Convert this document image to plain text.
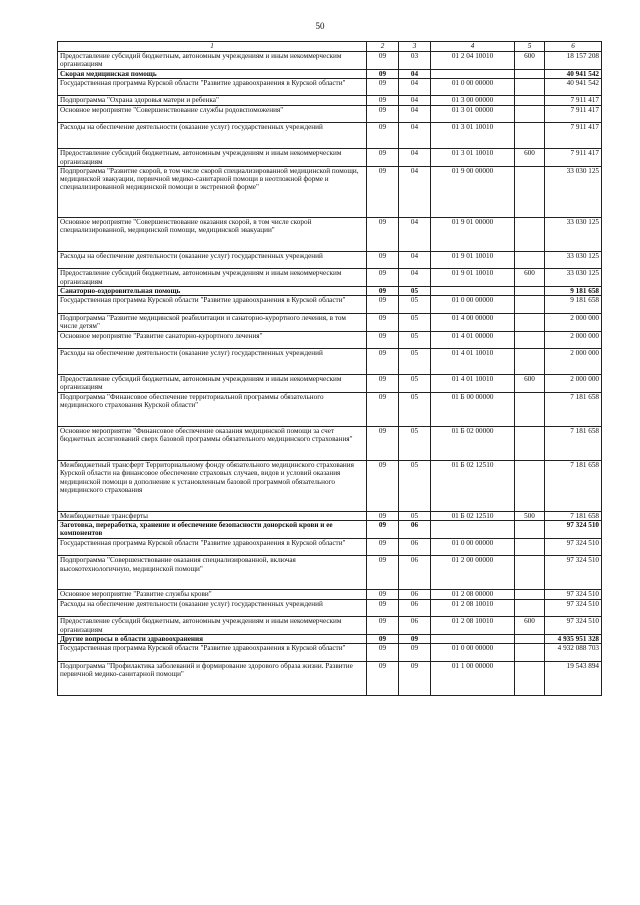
50
1	2	3	4	5	6
Предоставление субсидий бюджетным, автономным учреждениям и иным некоммерческим организациям	09	03	01 2 04 10010	600	18 157 208
Скорая медицинская помощь	09	04			40 941 542
Государственная программа Курской области "Развитие здравоохранения в Курской области"	09	04	01 0 00 00000		40 941 542
Подпрограмма "Охрана здоровья матери и ребенка"	09	04	01 3 00 00000		7 911 417
Основное мероприятие "Совершенствование службы родовспоможения"	09	04	01 3 01 00000		7 911 417
Расходы на обеспечение деятельности (оказание услуг) государственных учреждений	09	04	01 3 01 10010		7 911 417
Предоставление субсидий бюджетным, автономным учреждениям и иным некоммерческим организациям	09	04	01 3 01 10010	600	7 911 417
Подпрограмма "Развитие скорой, в том числе скорой специализированной медицинской помощи, медицинской эвакуации, первичной медико-санитарной помощи в неотложной форме и специализированной медицинской помощи в экстренной форме"	09	04	01 9 00 00000		33 030 125
Основное мероприятие "Совершенствование оказания скорой, в том числе скорой специализированной, медицинской помощи, медицинской эвакуации"	09	04	01 9 01 00000		33 030 125
Расходы на обеспечение деятельности (оказание услуг) государственных учреждений	09	04	01 9 01 10010		33 030 125
Предоставление субсидий бюджетным, автономным учреждениям и иным некоммерческим организациям	09	04	01 9 01 10010	600	33 030 125
Санаторно-оздоровительная помощь	09	05			9 181 658
Государственная программа Курской области "Развитие здравоохранения в Курской области"	09	05	01 0 00 00000		9 181 658
Подпрограмма "Развитие медицинской реабилитации и санаторно-курортного лечения, в том числе детям"	09	05	01 4 00 00000		2 000 000
Основное мероприятие "Развитие санаторно-курортного лечения"	09	05	01 4 01 00000		2 000 000
Расходы на обеспечение деятельности (оказание услуг) государственных учреждений	09	05	01 4 01 10010		2 000 000
Предоставление субсидий бюджетным, автономным учреждениям и иным некоммерческим организациям	09	05	01 4 01 10010	600	2 000 000
Подпрограмма "Финансовое обеспечение территориальной программы обязательного медицинского страхования Курской области"	09	05	01 Б 00 00000		7 181 658
Основное мероприятие "Финансовое обеспечение оказания медицинской помощи за счет бюджетных ассигнований сверх базовой программы обязательного медицинского страхования"	09	05	01 Б 02 00000		7 181 658
Межбюджетный трансферт Территориальному фонду обязательного медицинского страхования Курской области на финансовое обеспечение страховых случаев, видов и условий оказания медицинской помощи в дополнение к установленным базовой программой обязательного медицинского страхования	09	05	01 Б 02 12510		7 181 658
Межбюджетные трансферты	09	05	01 Б 02 12510	500	7 181 658
Заготовка, переработка, хранение и обеспечение безопасности донорской крови и ее компонентов	09	06			97 324 510
Государственная программа Курской области "Развитие здравоохранения в Курской области"	09	06	01 0 00 00000		97 324 510
Подпрограмма "Совершенствование оказания специализированной, включая высокотехнологичную, медицинской помощи"	09	06	01 2 00 00000		97 324 510
Основное мероприятие "Развитие службы крови"	09	06	01 2 08 00000		97 324 510
Расходы на обеспечение деятельности (оказание услуг) государственных учреждений	09	06	01 2 08 10010		97 324 510
Предоставление субсидий бюджетным, автономным учреждениям и иным некоммерческим организациям	09	06	01 2 08 10010	600	97 324 510
Другие вопросы в области здравоохранения	09	09			4 935 951 328
Государственная программа Курской области "Развитие здравоохранения в Курской области"	09	09	01 0 00 00000		4 932 088 703
Подпрограмма "Профилактика заболеваний и формирование здорового образа жизни. Развитие первичной медико-санитарной помощи"	09	09	01 1 00 00000		19 543 894
